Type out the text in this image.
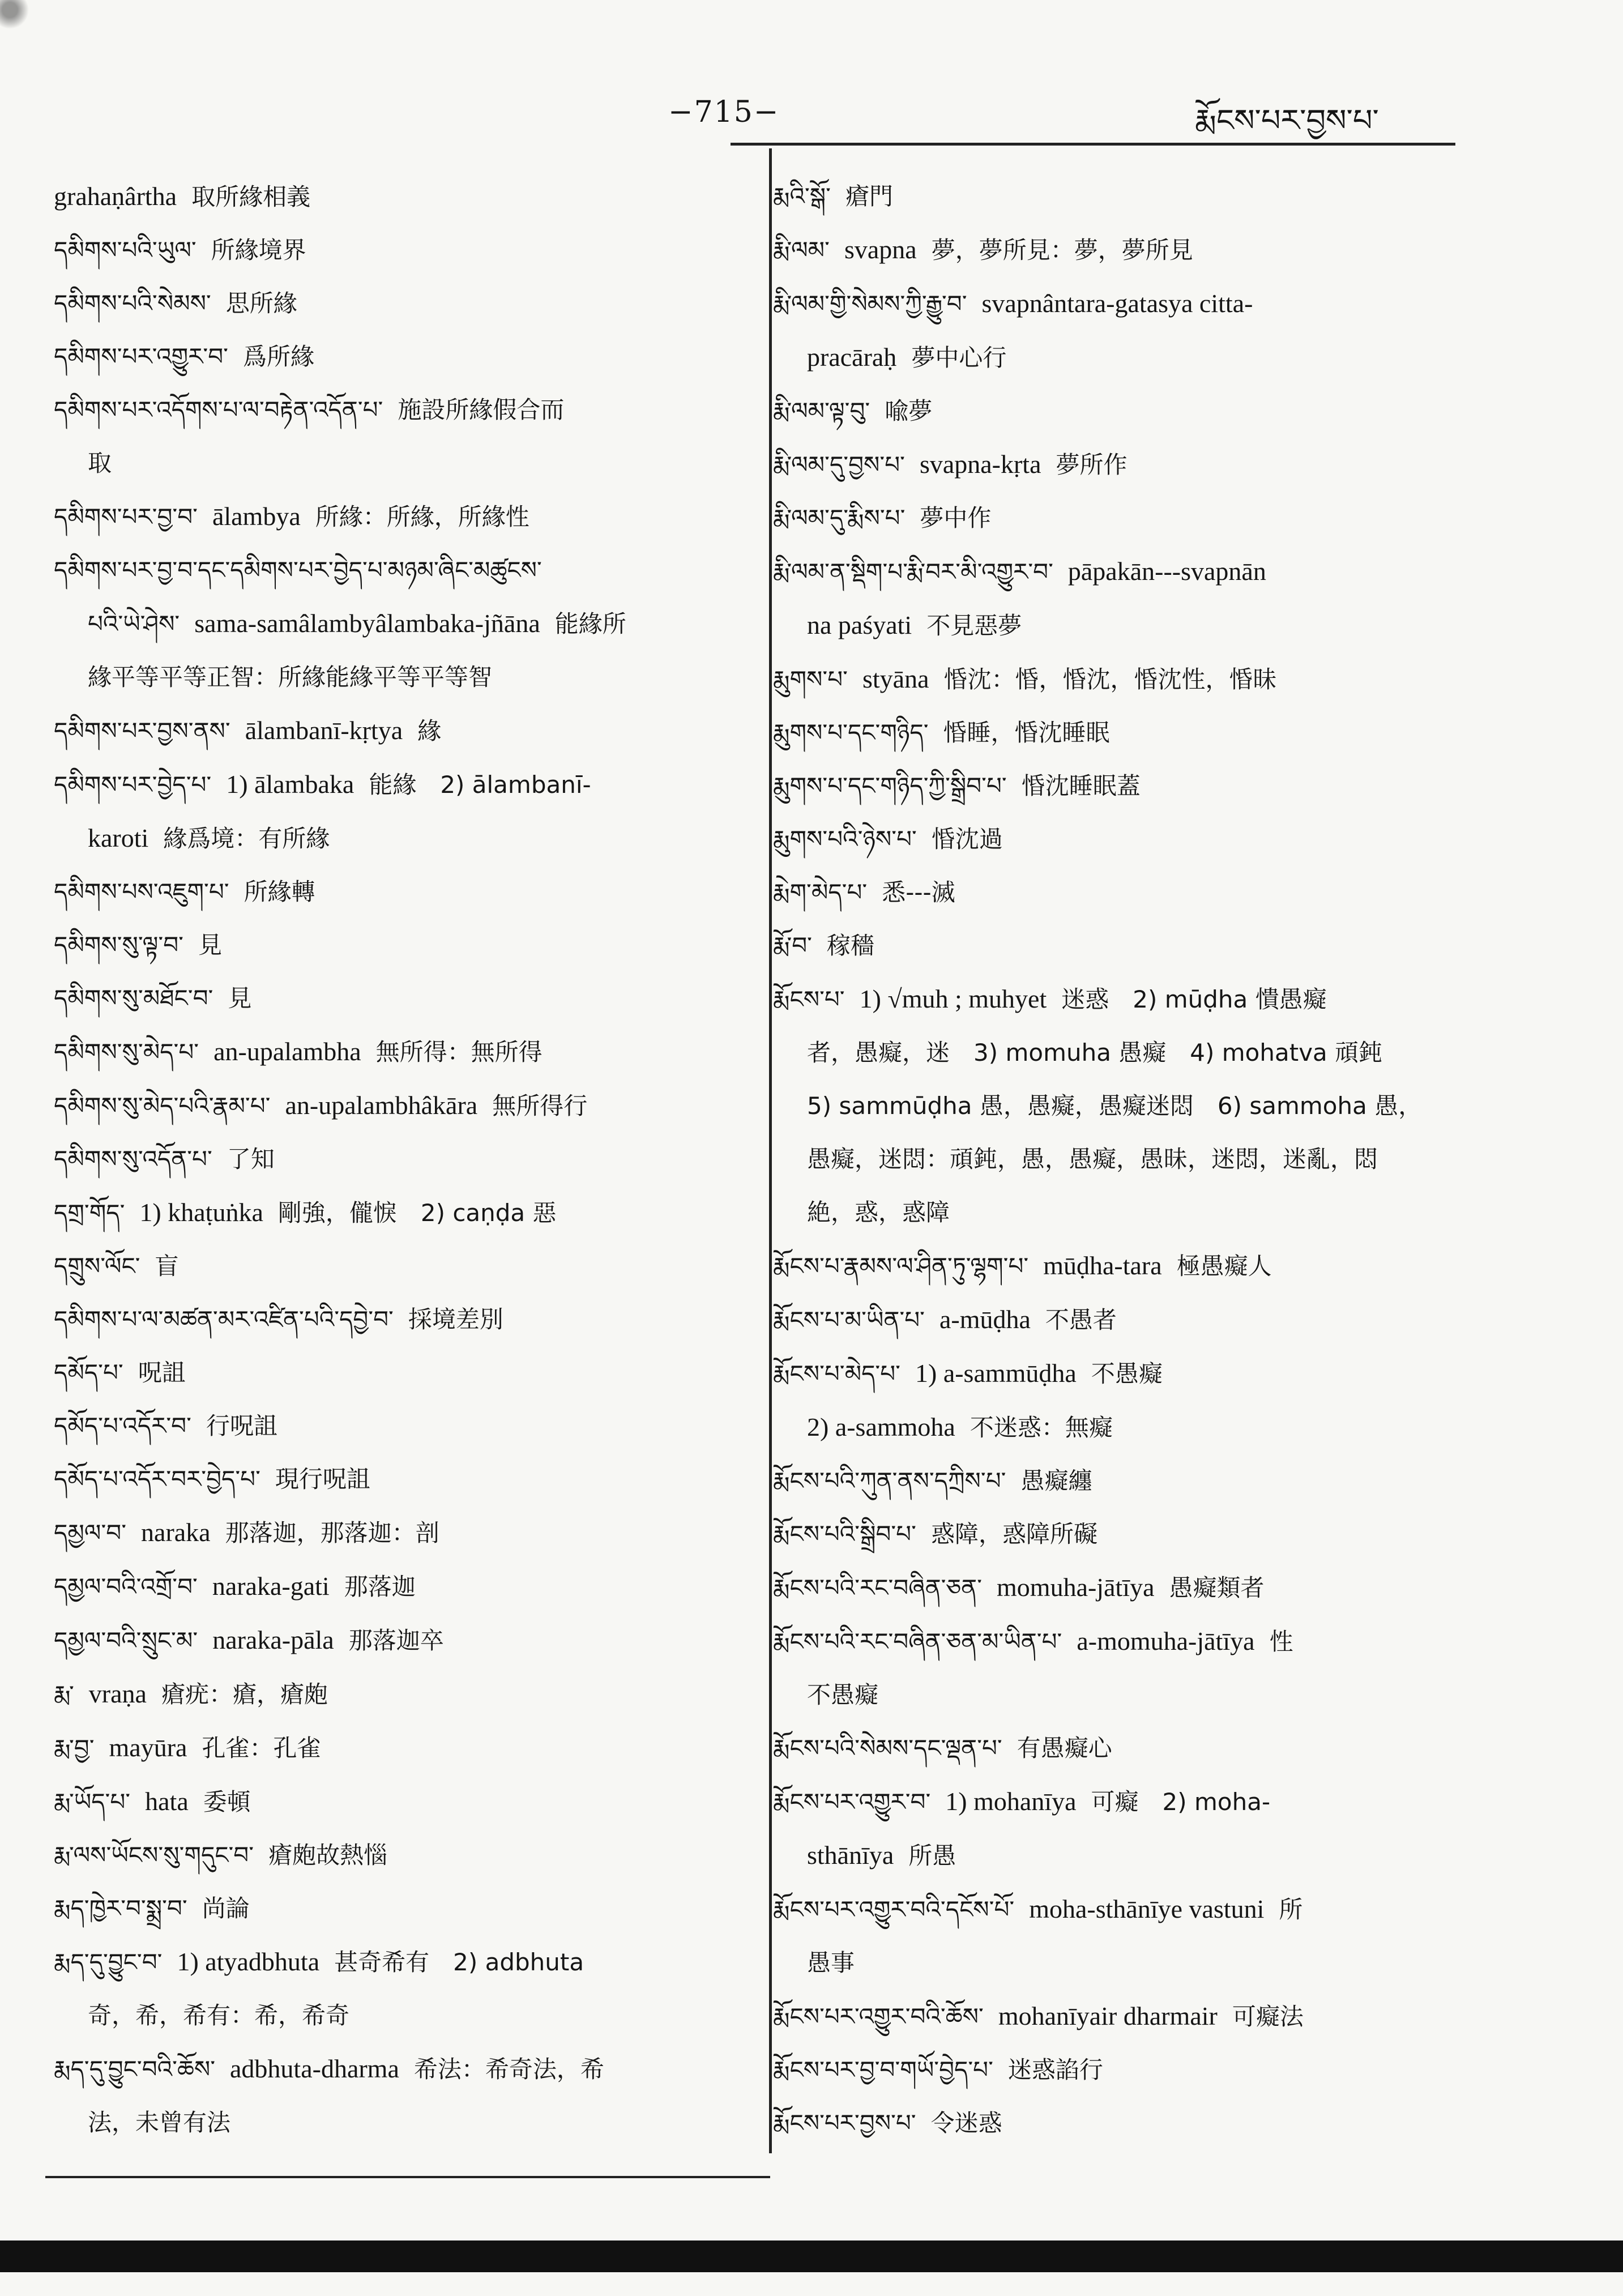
−715−	རྨོངས་པར་བྱས་པ་
grahaṇârtha 取所緣相義
དམིགས་པའི་ཡུལ་ 所緣境界
དམིགས་པའི་སེམས་ 思所緣
དམིགས་པར་འགྱུར་བ་ 爲所緣
དམིགས་པར་འདོགས་པ་ལ་བརྟེན་འདོན་པ་ 施設所緣假合而
取
དམིགས་པར་བྱ་བ་ ālambya 所緣：所緣，所緣性
དམིགས་པར་བྱ་བ་དང་དམིགས་པར་བྱེད་པ་མཉམ་ཞིང་མཚུངས་
པའི་ཡེ་ཤེས་ sama-samâlambyâlambaka-jñāna 能緣所
緣平等平等正智：所緣能緣平等平等智
དམིགས་པར་བྱས་ནས་ ālambanī-kṛtya 緣
དམིགས་པར་བྱེད་པ་ 1) ālambaka 能緣　2) ālambanī-
karoti 緣爲境：有所緣
དམིགས་པས་འཇུག་པ་ 所緣轉
དམིགས་སུ་ལྟ་བ་ 見
དམིགས་སུ་མཐོང་བ་ 見
དམིགས་སུ་མེད་པ་ an-upalambha 無所得：無所得
དམིགས་སུ་མེད་པའི་རྣམ་པ་ an-upalambhâkāra 無所得行
དམིགས་སུ་འདོན་པ་ 了知
དགྲ་གོད་ 1) khaṭuṅka 剛強，儱悷　2) caṇḍa 惡
དགྲུས་ལོང་ 盲
དམིགས་པ་ལ་མཚན་མར་འཛིན་པའི་དབྱེ་བ་ 採境差別
དམོད་པ་ 呪詛
དམོད་པ་འདོར་བ་ 行呪詛
དམོད་པ་འདོར་བར་བྱེད་པ་ 現行呪詛
དམྱལ་བ་ naraka 那落迦，那落迦：剖
དམྱལ་བའི་འགྲོ་བ་ naraka-gati 那落迦
དམྱལ་བའི་སྲུང་མ་ naraka-pāla 那落迦卒
རྨ་ vraṇa 瘡疣：瘡，瘡皰
རྨ་བྱ་ mayūra 孔雀：孔雀
རྨ་ཡོད་པ་ hata 委頓
རྨ་ལས་ཡོངས་སུ་གདུང་བ་ 瘡皰故熱惱
རྨད་ཁྱེར་བ་སྨྲ་བ་ 尚論
རྨད་དུ་བྱུང་བ་ 1) atyadbhuta 甚奇希有　2) adbhuta
奇，希，希有：希，希奇
རྨད་དུ་བྱུང་བའི་ཆོས་ adbhuta-dharma 希法：希奇法，希
法，未曾有法
རྨའི་སྒོ་ 瘡門
རྨི་ལམ་ svapna 夢，夢所見：夢，夢所見
རྨི་ལམ་གྱི་སེམས་ཀྱི་རྒྱུ་བ་ svapnântara-gatasya citta-
pracāraḥ 夢中心行
རྨི་ལམ་ལྟ་བུ་ 喩夢
རྨི་ལམ་དུ་བྱས་པ་ svapna-kṛta 夢所作
རྨི་ལམ་དུ་རྨིས་པ་ 夢中作
རྨི་ལམ་ན་སྡིག་པ་རྨི་བར་མི་འགྱུར་བ་ pāpakān---svapnān
na paśyati 不見惡夢
རྨུགས་པ་ styāna 惛沈：惛，惛沈，惛沈性，惛昧
རྨུགས་པ་དང་གཉིད་ 惛睡，惛沈睡眠
རྨུགས་པ་དང་གཉིད་ཀྱི་སྒྲིབ་པ་ 惛沈睡眠蓋
རྨུགས་པའི་ཉེས་པ་ 惛沈過
རྨེག་མེད་པ་ 悉---滅
རྨོ་བ་ 稼穡
རྨོངས་པ་ 1) √muh ; muhyet 迷惑　2) mūḍha 憒愚癡
者，愚癡，迷　3) momuha 愚癡　4) mohatva 頑鈍
5) sammūḍha 愚，愚癡，愚癡迷悶　6) sammoha 愚，
愚癡，迷悶：頑鈍，愚，愚癡，愚昧，迷悶，迷亂，悶
絶，惑，惑障
རྨོངས་པ་རྣམས་ལ་ཤིན་ཏུ་ལྷག་པ་ mūḍha-tara 極愚癡人
རྨོངས་པ་མ་ཡིན་པ་ a-mūḍha 不愚者
རྨོངས་པ་མེད་པ་ 1) a-sammūḍha 不愚癡
2) a-sammoha 不迷惑：無癡
རྨོངས་པའི་ཀུན་ནས་དཀྲིས་པ་ 愚癡纏
རྨོངས་པའི་སྒྲིབ་པ་ 惑障，惑障所礙
རྨོངས་པའི་རང་བཞིན་ཅན་ momuha-jātīya 愚癡類者
རྨོངས་པའི་རང་བཞིན་ཅན་མ་ཡིན་པ་ a-momuha-jātīya 性
不愚癡
རྨོངས་པའི་སེམས་དང་ལྡན་པ་ 有愚癡心
རྨོངས་པར་འགྱུར་བ་ 1) mohanīya 可癡　2) moha-
sthānīya 所愚
རྨོངས་པར་འགྱུར་བའི་དངོས་པོ་ moha-sthānīye vastuni 所
愚事
རྨོངས་པར་འགྱུར་བའི་ཆོས་ mohanīyair dharmair 可癡法
རྨོངས་པར་བྱ་བ་གཡོ་བྱེད་པ་ 迷惑諂行
རྨོངས་པར་བྱས་པ་ 令迷惑
